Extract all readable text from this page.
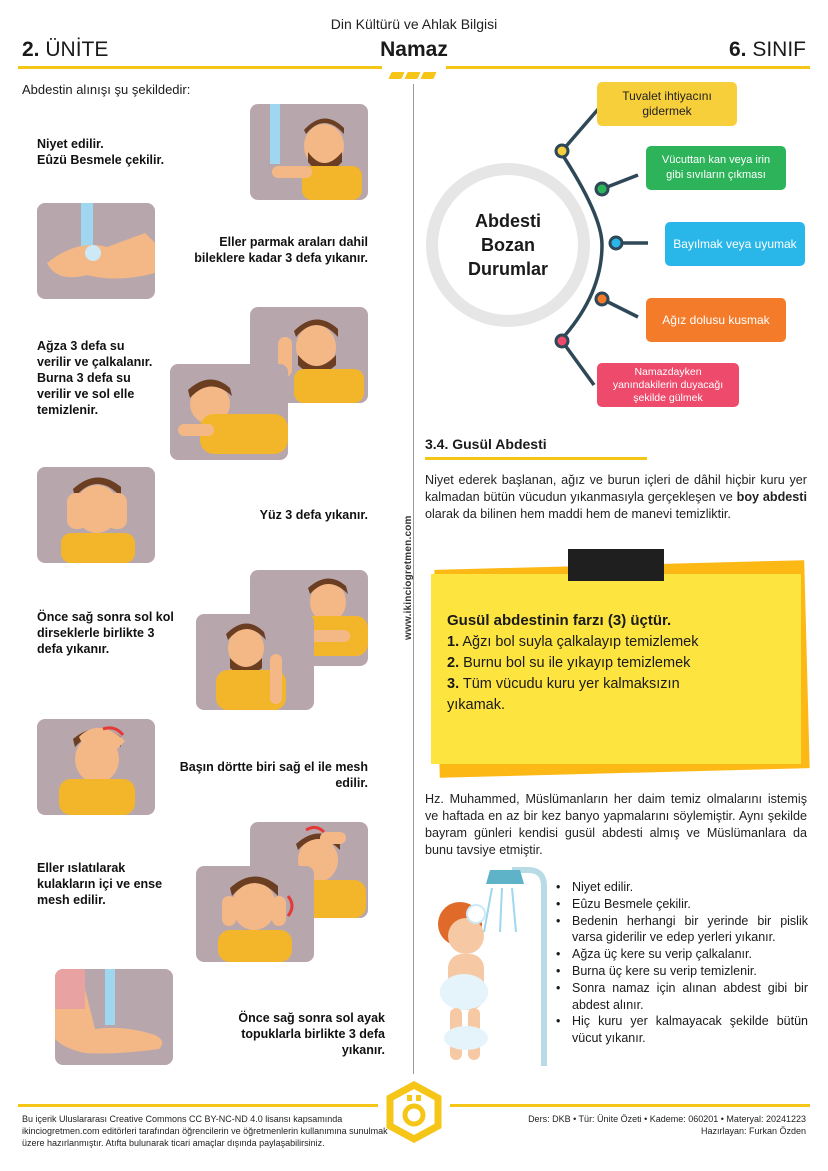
Din Kültürü ve Ahlak Bilgisi
2. ÜNİTE	Namaz	6. SINIF
www.ikinciogretmen.com
Abdestin alınışı şu şekildedir:
Niyet edilir.
Eûzü Besmele çekilir.
Eller parmak araları dahil
bileklere kadar 3 defa yıkanır.
Ağza 3 defa su
verilir ve çalkalanır.
Burna 3 defa su
verilir ve sol elle
temizlenir.
Yüz 3 defa yıkanır.
Önce sağ sonra sol kol
dirseklerle birlikte 3
defa yıkanır.
Başın dörtte biri sağ el ile mesh
edilir.
Eller ıslatılarak
kulakların içi ve ense
mesh edilir.
Önce sağ sonra sol ayak
topuklarla birlikte 3 defa
yıkanır.
Abdesti
Bozan
Durumlar
Tuvalet ihtiyacını gidermek
Vücuttan kan veya irin gibi sıvıların çıkması
Bayılmak veya uyumak
Ağız dolusu kusmak
Namazdayken yanındakilerin duyacağı şekilde gülmek
3.4. Gusül Abdesti
Niyet ederek başlanan, ağız ve burun içleri de dâhil hiçbir kuru yer kalmadan bütün vücudun yıkanmasıyla gerçekleşen ve boy abdesti olarak da bilinen hem maddi hem de manevi temizliktir.
Gusül abdestinin farzı (3) üçtür.
1. Ağzı bol suyla çalkalayıp temizlemek
2. Burnu bol su ile yıkayıp temizlemek
3. Tüm vücudu kuru yer kalmaksızın
yıkamak.
Hz. Muhammed, Müslümanların her daim temiz olmalarını istemiş ve haftada en az bir kez banyo yapmalarını söylemiştir. Aynı şekilde bayram günleri kendisi gusül abdesti almış ve Müslümanlara da bunu tavsiye etmiştir.
• Niyet edilir.
• Eûzu Besmele çekilir.
• Bedenin herhangi bir yerinde bir pislik varsa giderilir ve edep yerleri yıkanır.
• Ağza üç kere su verip çalkalanır.
• Burna üç kere su verip temizlenir.
• Sonra namaz için alınan abdest gibi bir abdest alınır.
• Hiç kuru yer kalmayacak şekilde bütün vücut yıkanır.
Bu içerik Uluslararası Creative Commons CC BY-NC-ND 4.0 lisansı kapsamında ikinciogretmen.com editörleri tarafından öğrencilerin ve öğretmenlerin kullanımına sunulmak üzere hazırlanmıştır. Atıfta bulunarak ticari amaçlar dışında paylaşabilirsiniz.
Ders: DKB • Tür: Ünite Özeti • Kademe: 060201 • Materyal: 20241223
Hazırlayan: Furkan Özden
